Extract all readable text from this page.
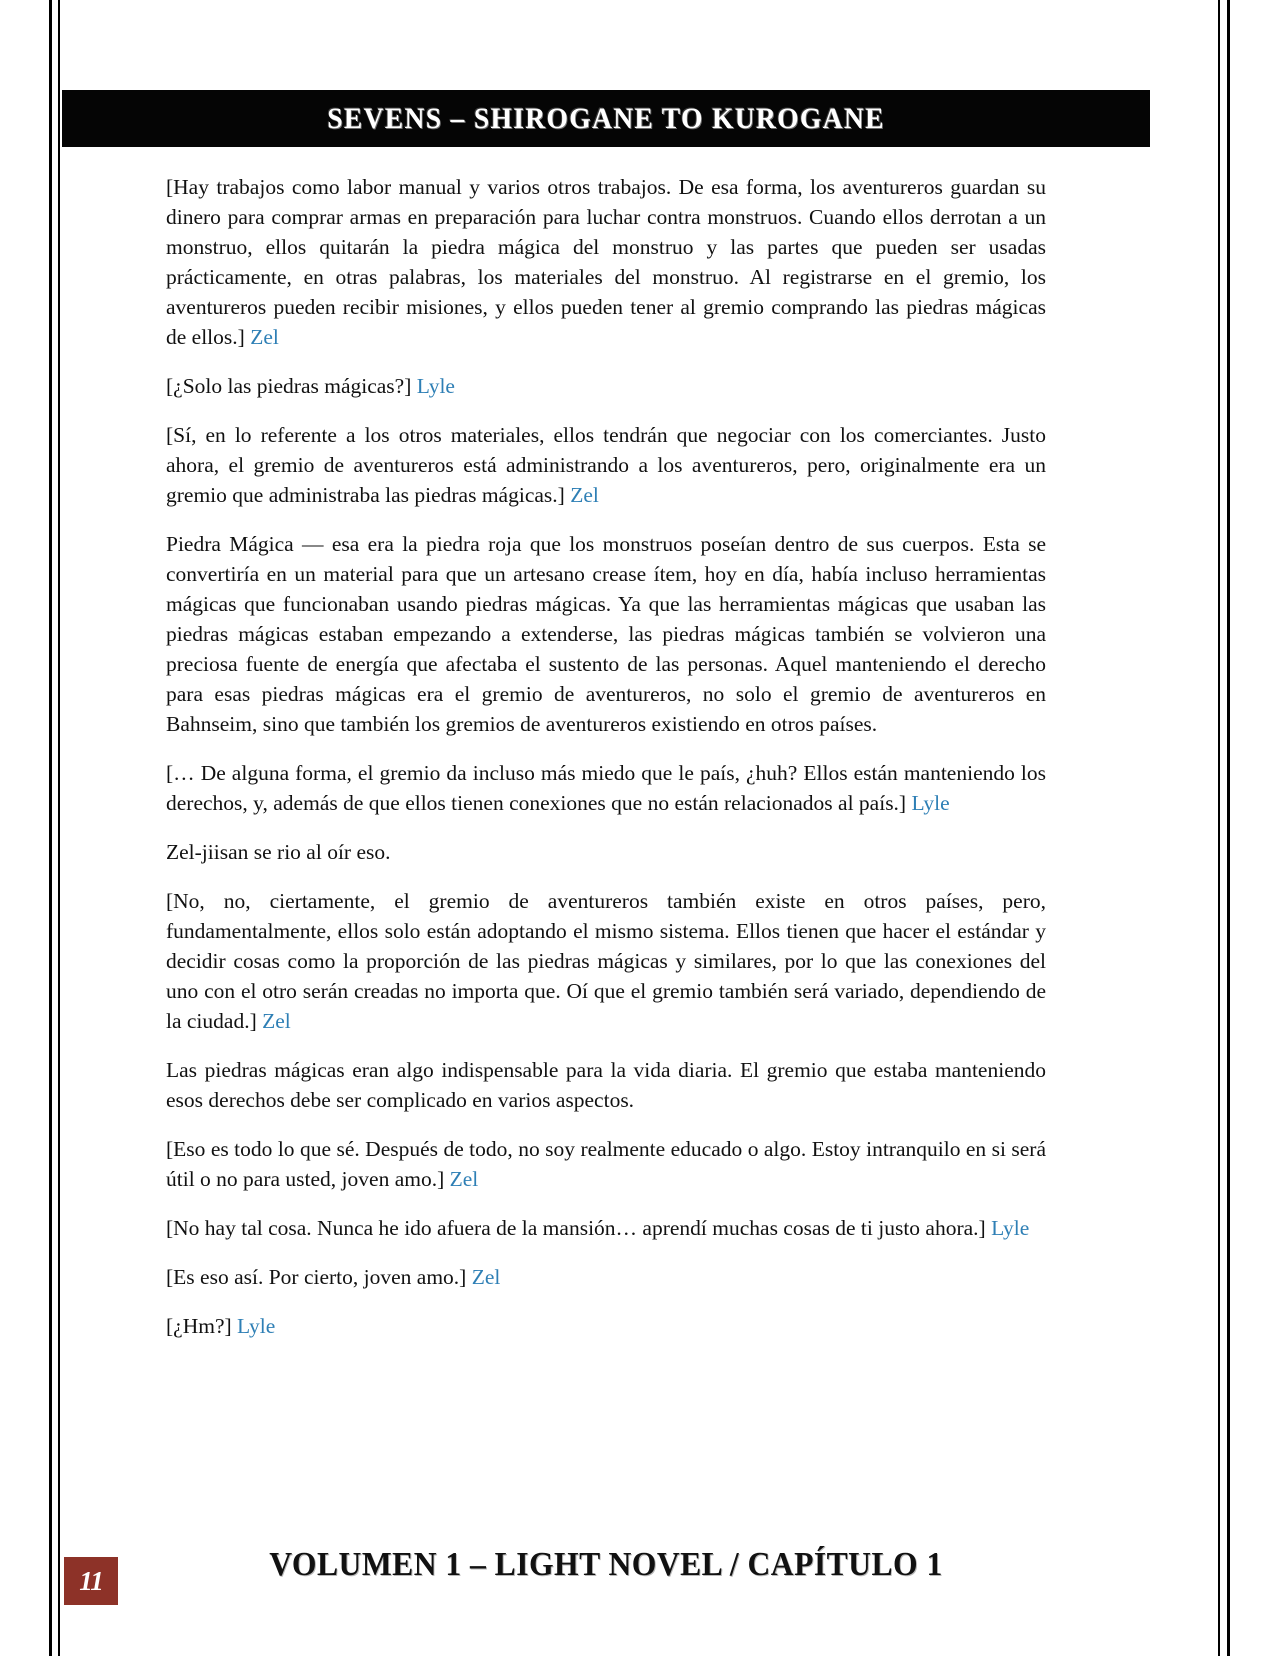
SEVENS – SHIROGANE TO KUROGANE

[Hay trabajos como labor manual y varios otros trabajos. De esa forma, los aventureros guardan su dinero para comprar armas en preparación para luchar contra monstruos. Cuando ellos derrotan a un monstruo, ellos quitarán la piedra mágica del monstruo y las partes que pueden ser usadas prácticamente, en otras palabras, los materiales del monstruo. Al registrarse en el gremio, los aventureros pueden recibir misiones, y ellos pueden tener al gremio comprando las piedras mágicas de ellos.] Zel

[¿Solo las piedras mágicas?] Lyle

[Sí, en lo referente a los otros materiales, ellos tendrán que negociar con los comerciantes. Justo ahora, el gremio de aventureros está administrando a los aventureros, pero, originalmente era un gremio que administraba las piedras mágicas.] Zel

Piedra Mágica — esa era la piedra roja que los monstruos poseían dentro de sus cuerpos. Esta se convertiría en un material para que un artesano crease ítem, hoy en día, había incluso herramientas mágicas que funcionaban usando piedras mágicas. Ya que las herramientas mágicas que usaban las piedras mágicas estaban empezando a extenderse, las piedras mágicas también se volvieron una preciosa fuente de energía que afectaba el sustento de las personas. Aquel manteniendo el derecho para esas piedras mágicas era el gremio de aventureros, no solo el gremio de aventureros en Bahnseim, sino que también los gremios de aventureros existiendo en otros países.

[… De alguna forma, el gremio da incluso más miedo que le país, ¿huh? Ellos están manteniendo los derechos, y, además de que ellos tienen conexiones que no están relacionados al país.] Lyle

Zel-jiisan se rio al oír eso.

[No, no, ciertamente, el gremio de aventureros también existe en otros países, pero, fundamentalmente, ellos solo están adoptando el mismo sistema. Ellos tienen que hacer el estándar y decidir cosas como la proporción de las piedras mágicas y similares, por lo que las conexiones del uno con el otro serán creadas no importa que. Oí que el gremio también será variado, dependiendo de la ciudad.] Zel

Las piedras mágicas eran algo indispensable para la vida diaria. El gremio que estaba manteniendo esos derechos debe ser complicado en varios aspectos.

[Eso es todo lo que sé. Después de todo, no soy realmente educado o algo. Estoy intranquilo en si será útil o no para usted, joven amo.] Zel

[No hay tal cosa. Nunca he ido afuera de la mansión… aprendí muchas cosas de ti justo ahora.] Lyle

[Es eso así. Por cierto, joven amo.] Zel

[¿Hm?] Lyle

VOLUMEN 1 – LIGHT NOVEL / CAPÍTULO 1
11
